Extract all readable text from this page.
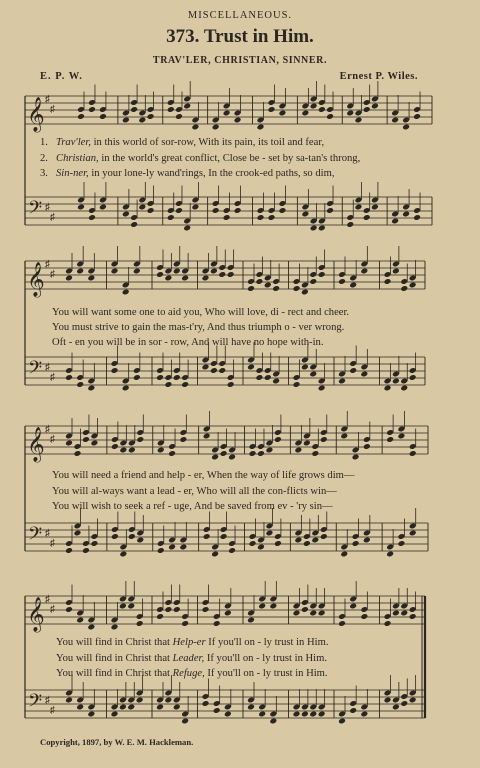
MISCELLANEOUS.
373. Trust in Him.
TRAV'LER, CHRISTIAN, SINNER.
E. P. W.	Ernest P. Wiles.
𝄞
𝄢
♯
♯
♯
♯
𝄞
𝄢
♯
♯
♯
♯
𝄞
𝄢
♯
♯
♯
♯
𝄞
𝄢
♯
♯
♯
♯
1. Trav'ler, in this world of sor-row, With its pain, its toil and fear,
2. Christian, in the world's great conflict, Close be - set by sa-tan's throng,
3. Sin-ner, in your lone-ly wand'rings, In the crook-ed paths, so dim,
You will want some one to aid you, Who will love, di - rect and cheer.
You must strive to gain the mas-t'ry, And thus triumph o - ver wrong.
Oft - en you will be in sor - row, And will have no hope with-in.
You will need a friend and help - er, When the way of life grows dim—
You will al-ways want a lead - er, Who will all the con-flicts win—
You will wish to seek a ref - uge, And be saved from ev - 'ry sin—
You will find in Christ that Help-er If you'll on - ly trust in Him.
You will find in Christ that Leader, If you'll on - ly trust in Him.
You will find in Christ that Refuge, If you'll on - ly trust in Him.
Copyright, 1897, by W. E. M. Hackleman.
